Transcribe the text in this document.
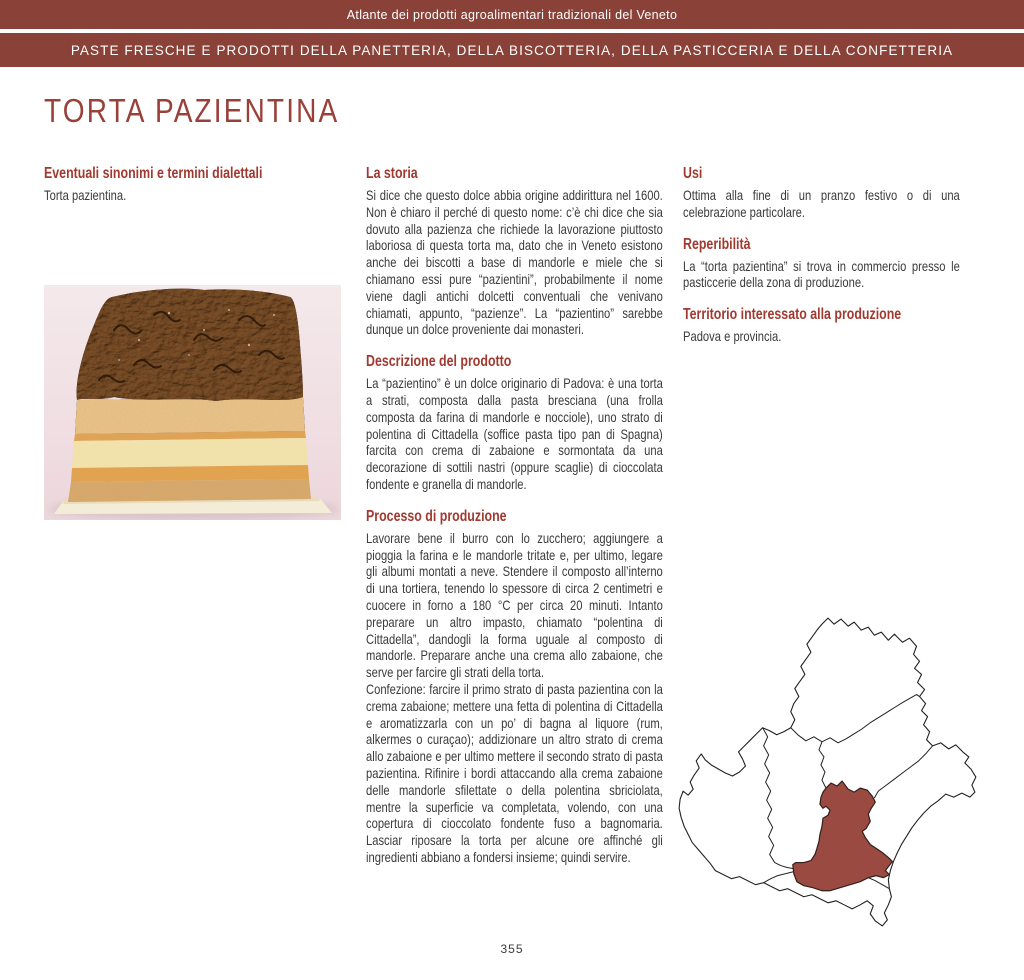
Atlante dei prodotti agroalimentari tradizionali del Veneto
PASTE FRESCHE E PRODOTTI DELLA PANETTERIA, DELLA BISCOTTERIA, DELLA PASTICCERIA E DELLA CONFETTERIA
TORTA PAZIENTINA
Eventuali sinonimi e termini dialettali

Torta pazientina.

La storia

Si dice che questo dolce abbia origine addirittura nel 1600. Non è chiaro il perché di questo nome: c’è chi dice che sia dovuto alla pazienza che richiede la lavorazione piuttosto laboriosa di questa torta ma, dato che in Veneto esistono anche dei biscotti a base di mandorle e miele che si chiamano essi pure “pazientini”, probabilmente il nome viene dagli antichi dolcetti conventuali che venivano chiamati, appunto, “pazienze”. La “pazientino” sarebbe dunque un dolce proveniente dai monasteri.

Descrizione del prodotto

La “pazientino” è un dolce originario di Padova: è una torta a strati, composta dalla pasta bresciana (una frolla composta da farina di mandorle e nocciole), uno strato di polentina di Cittadella (soffice pasta tipo pan di Spagna) farcita con crema di zabaione e sormontata da una decorazione di sottili nastri (oppure scaglie) di cioccolata fondente e granella di mandorle.

Processo di produzione

Lavorare bene il burro con lo zucchero; aggiungere a pioggia la farina e le mandorle tritate e, per ultimo, legare gli albumi montati a neve. Stendere il composto all’interno di una tortiera, tenendo lo spessore di circa 2 centimetri e cuocere in forno a 180 °C per circa 20 minuti. Intanto preparare un altro impasto, chiamato “polentina di Cittadella”, dandogli la forma uguale al composto di mandorle. Preparare anche una crema allo zabaione, che serve per farcire gli strati della torta.

Confezione: farcire il primo strato di pasta pazientina con la crema zabaione; mettere una fetta di polentina di Cittadella e aromatizzarla con un po’ di bagna al liquore (rum, alkermes o curaçao); addizionare un altro strato di crema allo zabaione e per ultimo mettere il secondo strato di pasta pazientina. Rifinire i bordi attaccando alla crema zabaione delle mandorle sfilettate o della polentina sbriciolata, mentre la superficie va completata, volendo, con una copertura di cioccolato fondente fuso a bagnomaria. Lasciar riposare la torta per alcune ore affinché gli ingredienti abbiano a fondersi insieme; quindi servire.

Usi

Ottima alla fine di un pranzo festivo o di una celebrazione particolare.

Reperibilità

La “torta pazientina” si trova in commercio presso le pasticcerie della zona di produzione.

Territorio interessato alla produzione

Padova e provincia.

355
